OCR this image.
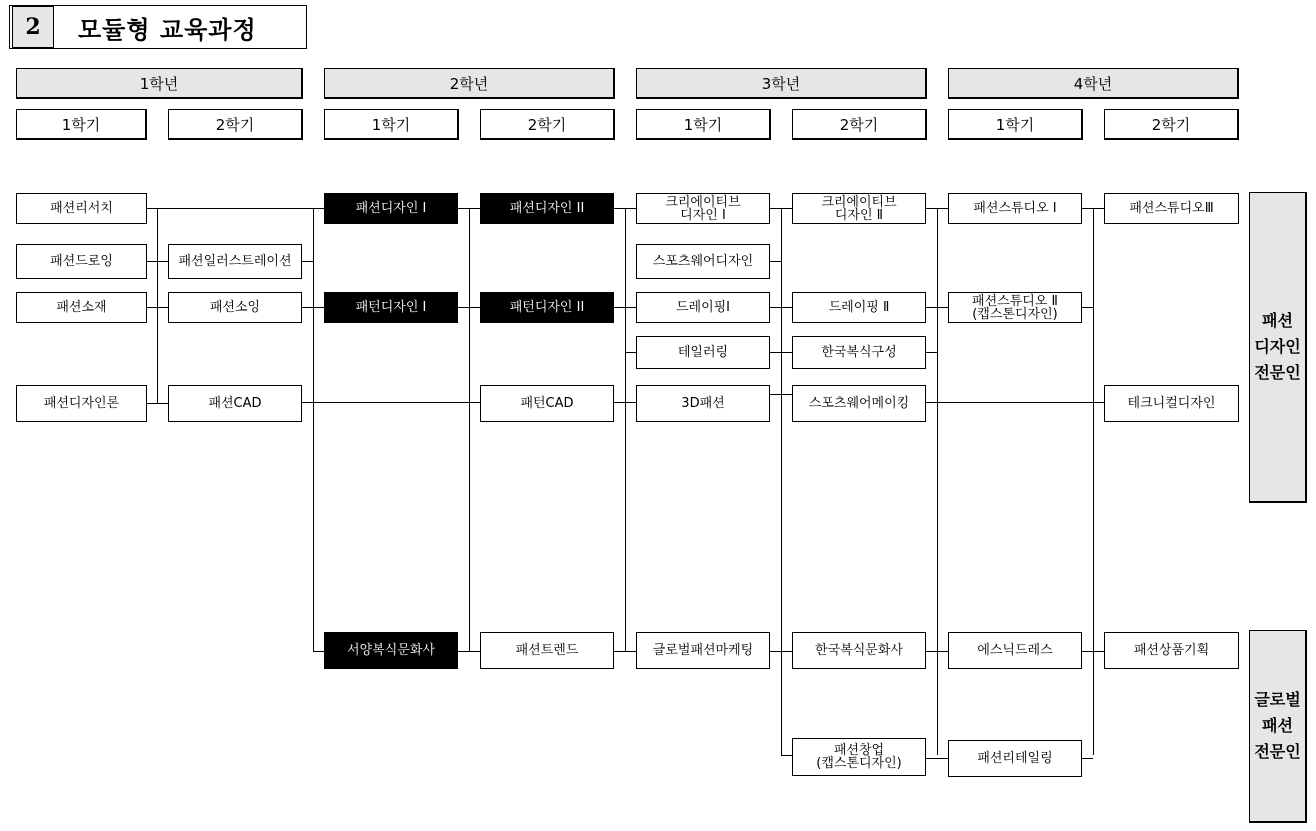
2	모듈형 교육과정
1학년	2학년	3학년	4학년
1학기	2학기	1학기	2학기	1학기	2학기	1학기	2학기
패션리서치
패션드로잉
패션소재
패션디자인론
패션일러스트레이션
패션소잉
패션CAD
패션디자인 I
패턴디자인 I
서양복식문화사
패션디자인 II
패턴디자인 II
패턴CAD
패션트렌드
크리에이티브
디자인 I
스포츠웨어디자인
드레이핑I
테일러링
3D패션
글로벌패션마케팅
크리에이티브
디자인 Ⅱ
드레이핑 Ⅱ
한국복식구성
스포츠웨어메이킹
한국복식문화사
패션창업
(캡스톤디자인)
패션스튜디오 I
패션스튜디오 Ⅱ
(캡스톤디자인)
에스닉드레스
패션리테일링
패션스튜디오Ⅲ
테크니컬디자인
패션상품기획
패션
디자인
전문인
글로벌
패션
전문인
